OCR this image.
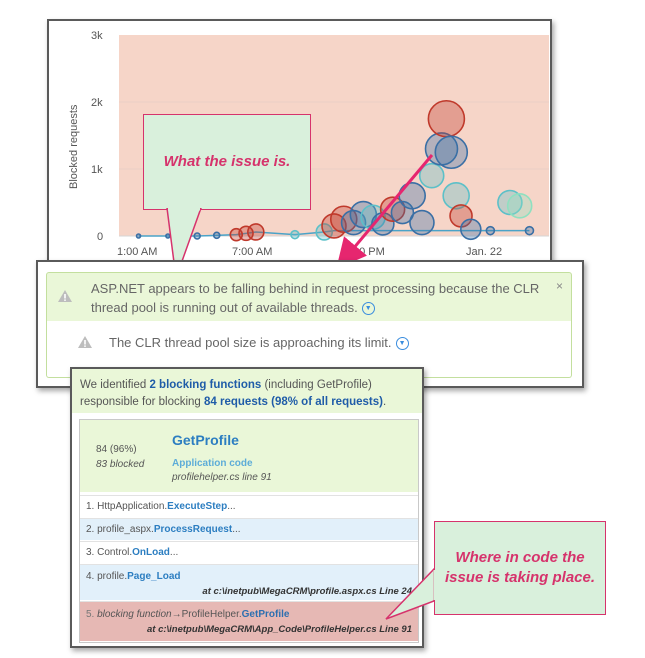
Blocked requests
3k
2k
1k
0
1:00 AM	7:00 AM	00 PM	Jan. 22
What the issue is.
ASP.NET appears to be falling behind in request processing because the CLR thread pool is running out of available threads. ▼
×
The CLR thread pool size is approaching its limit. ▼
We identified 2 blocking functions (including GetProfile) responsible for blocking 84 requests (98% of all requests).
84 (96%)
83 blocked
GetProfile
Application code
profilehelper.cs line 91
1. HttpApplication.ExecuteStep...
2. profile_aspx.ProcessRequest...
3. Control.OnLoad...
4. profile.Page_Load
at c:\inetpub\MegaCRM\profile.aspx.cs Line 24
5. blocking function→ProfileHelper.GetProfile
at c:\inetpub\MegaCRM\App_Code\ProfileHelper.cs Line 91
Where in code the issue is taking place.
